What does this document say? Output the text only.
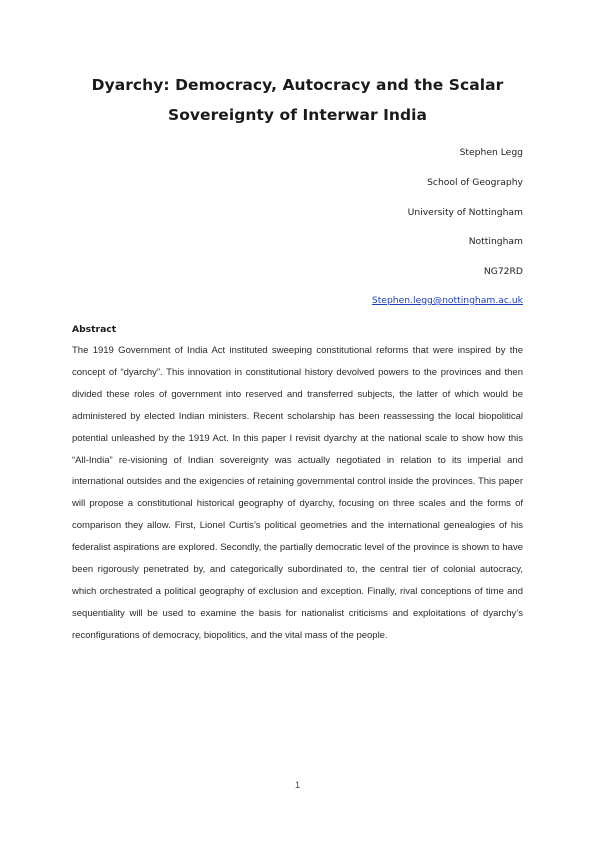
Dyarchy: Democracy, Autocracy and the Scalar
Sovereignty of Interwar India
Stephen Legg
School of Geography
University of Nottingham
Nottingham
NG72RD
Stephen.legg@nottingham.ac.uk
Abstract
The 1919 Government of India Act instituted sweeping constitutional reforms that were inspired by the concept of “dyarchy”. This innovation in constitutional history devolved powers to the provinces and then divided these roles of government into reserved and transferred subjects, the latter of which would be administered by elected Indian ministers. Recent scholarship has been reassessing the local biopolitical potential unleashed by the 1919 Act. In this paper I revisit dyarchy at the national scale to show how this “All-India” re-visioning of Indian sovereignty was actually negotiated in relation to its imperial and international outsides and the exigencies of retaining governmental control inside the provinces. This paper will propose a constitutional historical geography of dyarchy, focusing on three scales and the forms of comparison they allow. First, Lionel Curtis’s political geometries and the international genealogies of his federalist aspirations are explored. Secondly, the partially democratic level of the province is shown to have been rigorously penetrated by, and categorically subordinated to, the central tier of colonial autocracy, which orchestrated a political geography of exclusion and exception. Finally, rival conceptions of time and sequentiality will be used to examine the basis for nationalist criticisms and exploitations of dyarchy’s reconfigurations of democracy, biopolitics, and the vital mass of the people.
1
